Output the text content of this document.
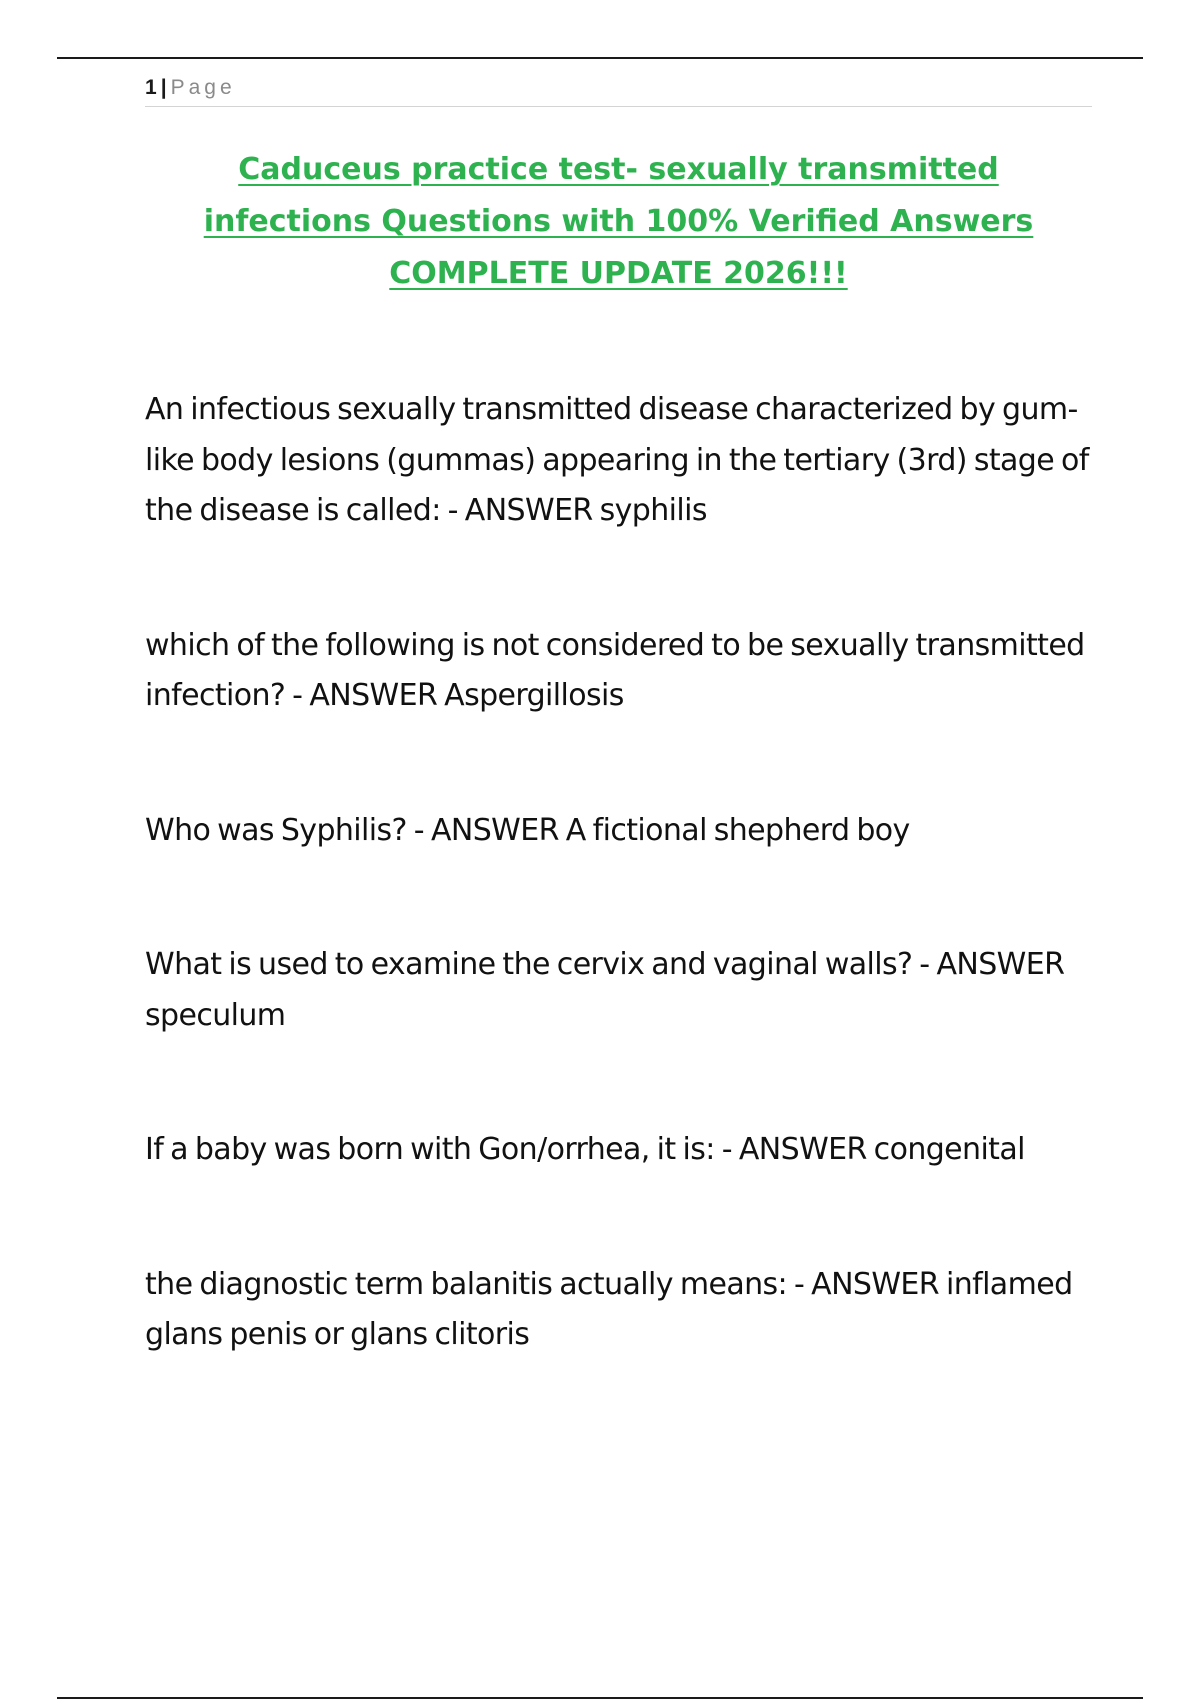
1 | Page
Caduceus practice test- sexually transmitted
infections Questions with 100% Verified Answers
COMPLETE UPDATE 2026!!!
An infectious sexually transmitted disease characterized by gum-like body lesions (gummas) appearing in the tertiary (3rd) stage of the disease is called: - ANSWER syphilis
which of the following is not considered to be sexually transmitted infection? - ANSWER Aspergillosis
Who was Syphilis? - ANSWER A fictional shepherd boy
What is used to examine the cervix and vaginal walls? - ANSWER speculum
If a baby was born with Gon/orrhea, it is: - ANSWER congenital
the diagnostic term balanitis actually means: - ANSWER inflamed glans penis or glans clitoris
